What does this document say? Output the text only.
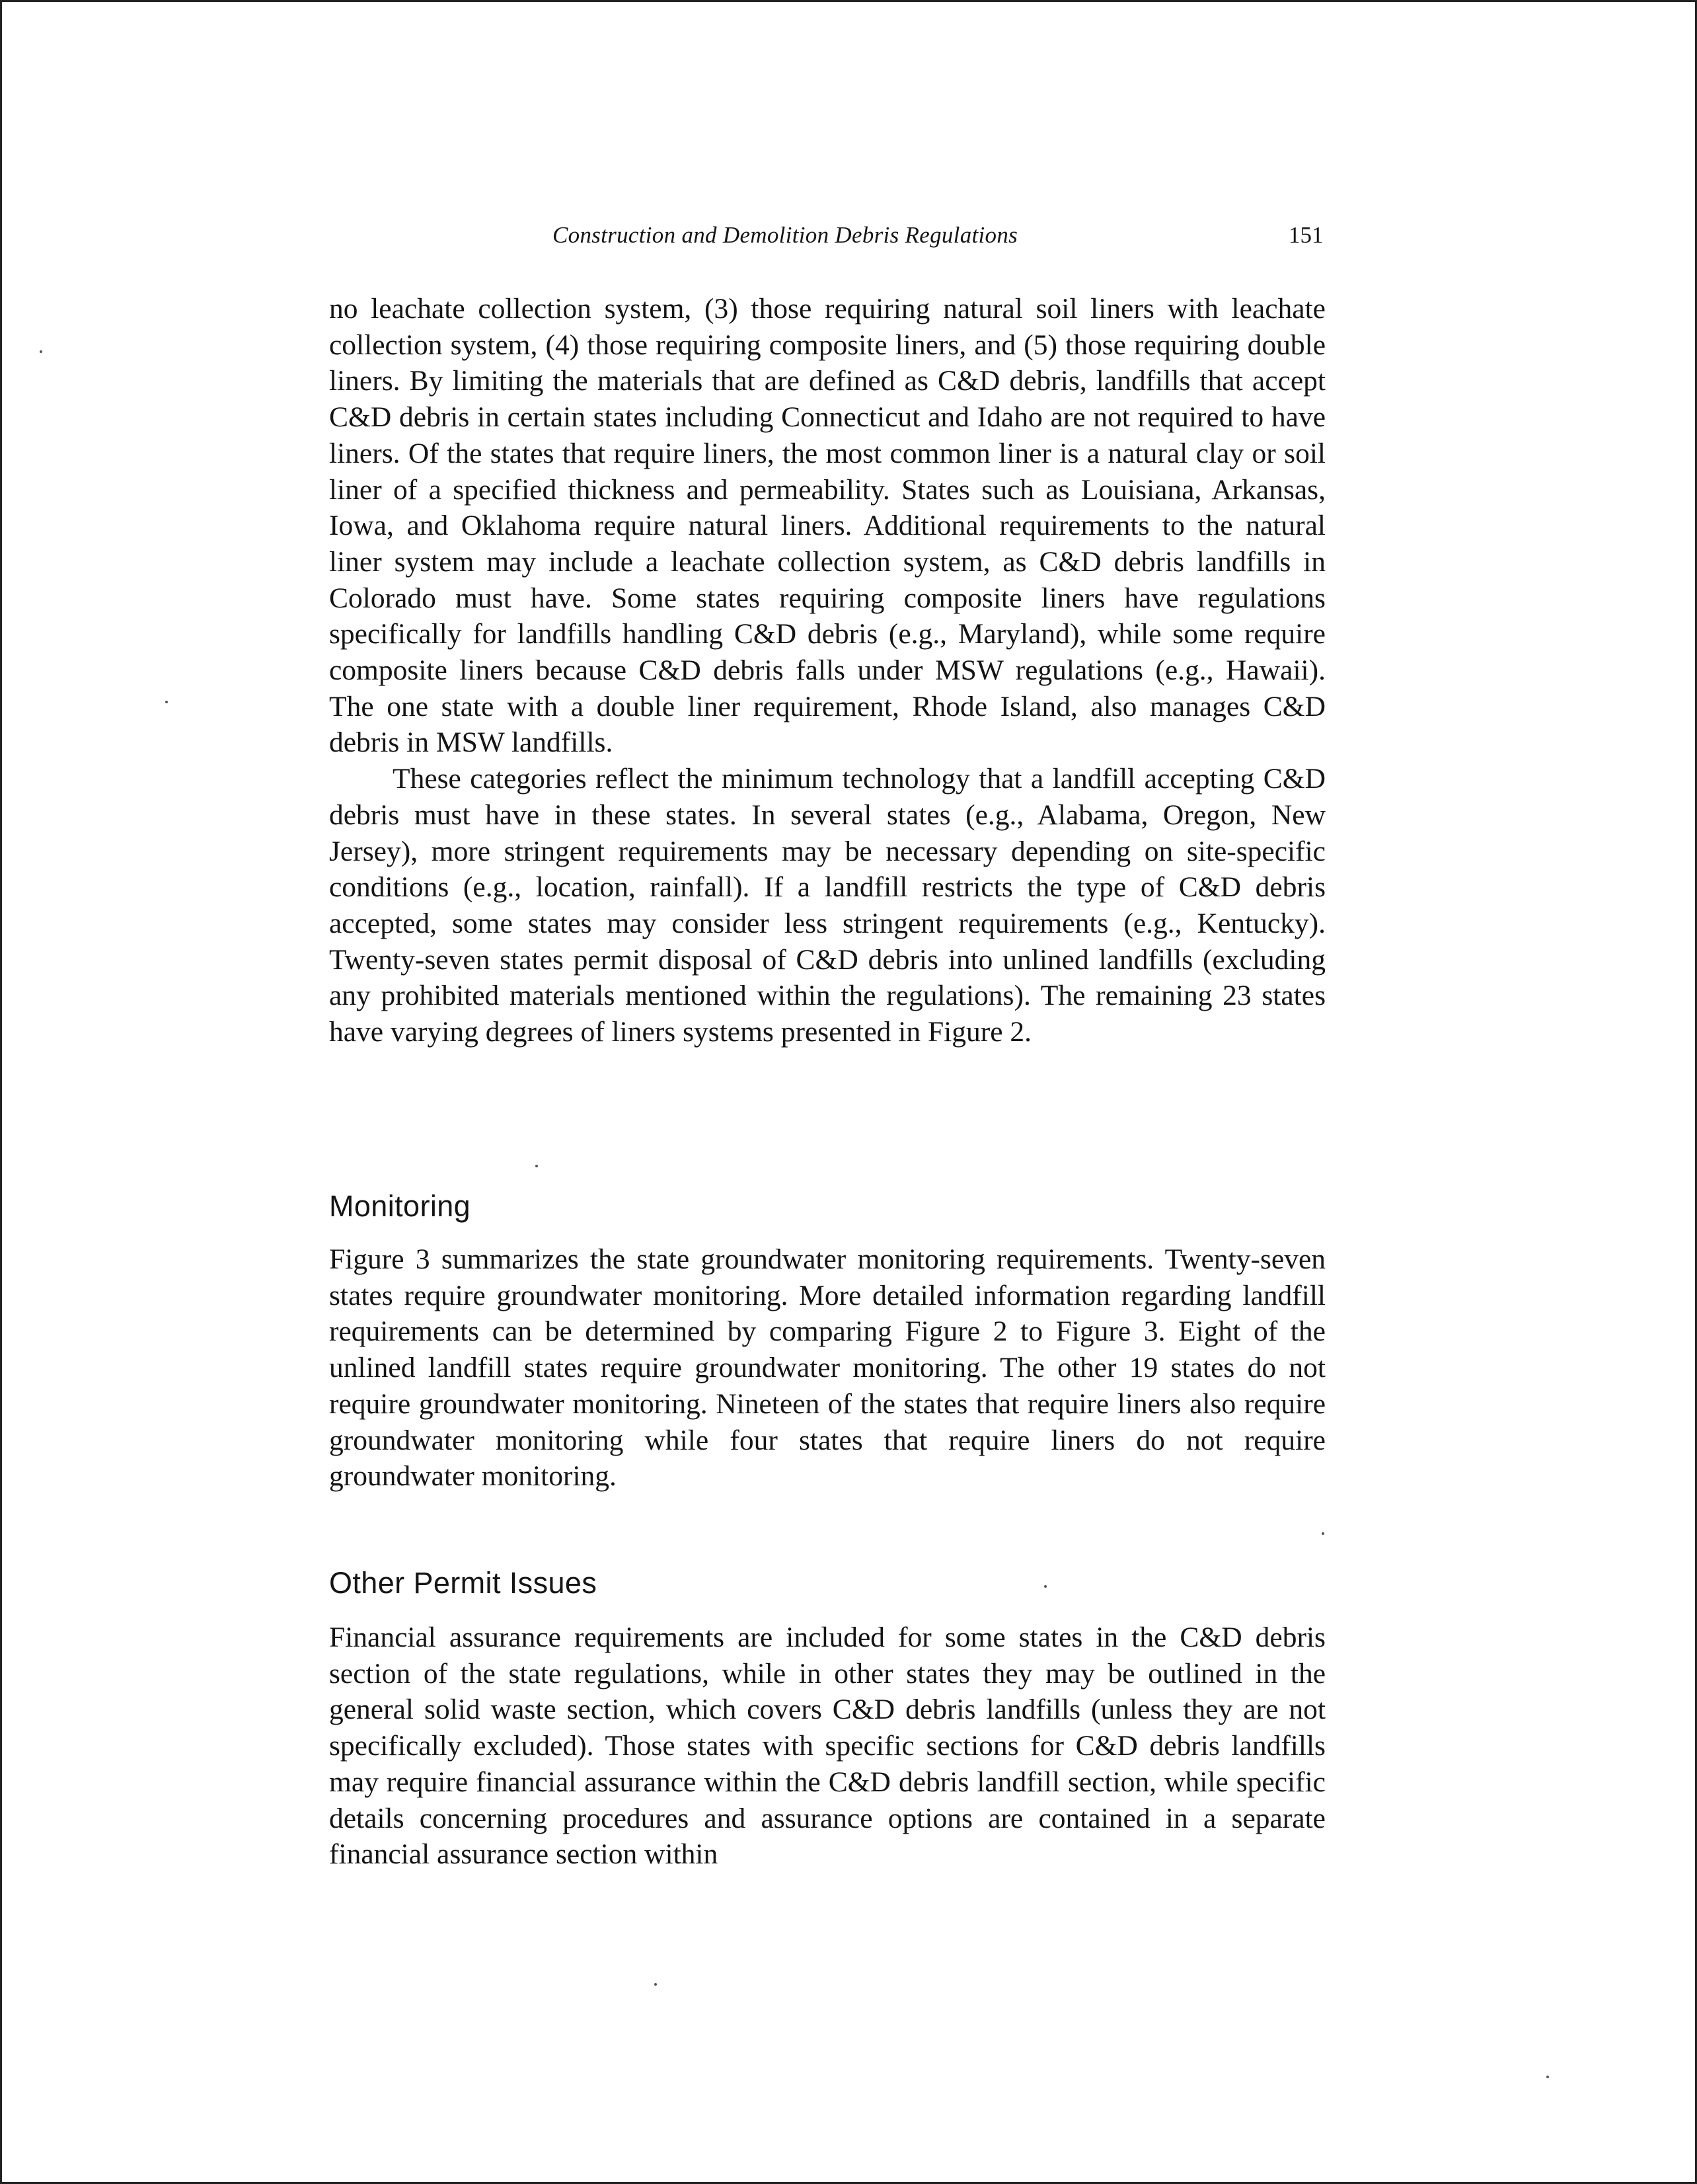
Construction and Demolition Debris Regulations	151

no leachate collection system, (3) those requiring natural soil liners with leachate collection system, (4) those requiring composite liners, and (5) those requiring double liners. By limiting the materials that are defined as C&D debris, landfills that accept C&D debris in certain states including Connecticut and Idaho are not required to have liners. Of the states that require liners, the most common liner is a natural clay or soil liner of a specified thickness and permeability. States such as Louisiana, Arkansas, Iowa, and Oklahoma require natural liners. Additional requirements to the natural liner system may include a leachate collection system, as C&D debris landfills in Colorado must have. Some states requiring composite liners have regulations specifically for landfills handling C&D debris (e.g., Maryland), while some require composite liners because C&D debris falls under MSW regulations (e.g., Hawaii). The one state with a double liner requirement, Rhode Island, also manages C&D debris in MSW landfills.

These categories reflect the minimum technology that a landfill accepting C&D debris must have in these states. In several states (e.g., Alabama, Oregon, New Jersey), more stringent requirements may be necessary depending on site-specific conditions (e.g., location, rainfall). If a landfill restricts the type of C&D debris accepted, some states may consider less stringent requirements (e.g., Kentucky). Twenty-seven states permit disposal of C&D debris into unlined landfills (excluding any prohibited materials mentioned within the regulations). The remaining 23 states have varying degrees of liners systems presented in Figure 2.

Monitoring

Figure 3 summarizes the state groundwater monitoring requirements. Twenty-seven states require groundwater monitoring. More detailed information regarding landfill requirements can be determined by comparing Figure 2 to Figure 3. Eight of the unlined landfill states require groundwater monitoring. The other 19 states do not require groundwater monitoring. Nineteen of the states that require liners also require groundwater monitoring while four states that require liners do not require groundwater monitoring.

Other Permit Issues

Financial assurance requirements are included for some states in the C&D debris section of the state regulations, while in other states they may be outlined in the general solid waste section, which covers C&D debris landfills (unless they are not specifically excluded). Those states with specific sections for C&D debris landfills may require financial assurance within the C&D debris landfill section, while specific details concerning procedures and assurance options are contained in a separate financial assurance section within
